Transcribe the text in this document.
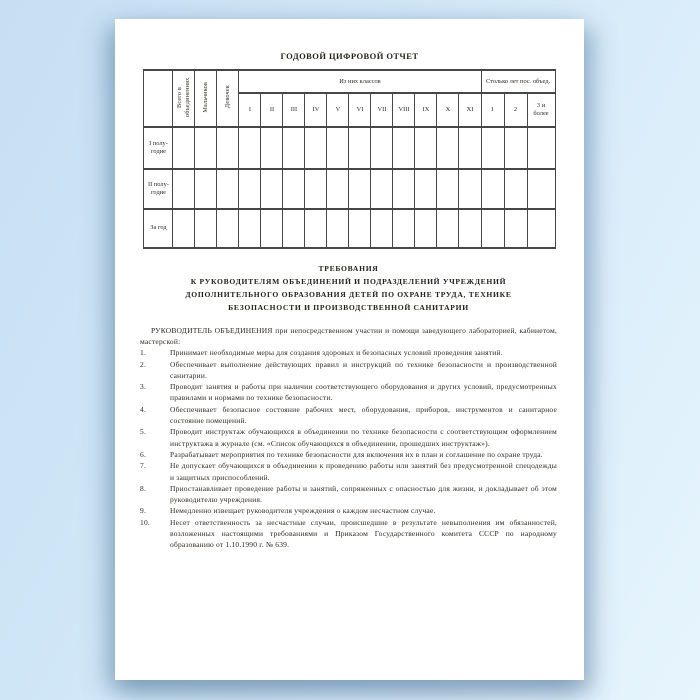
ГОДОВОЙ ЦИФРОВОЙ ОТЧЕТ
	Всего в объединениях	Мальчиков	Девочек	Из них классов											Столько лет пос. объед.		
				I	II	III	IV	V	VI	VII	VIII	IX	X	XI	1	2	3 и более
I полугодие																	
II полугодие																	
За год																	
ТРЕБОВАНИЯ
К РУКОВОДИТЕЛЯМ ОБЪЕДИНЕНИЙ И ПОДРАЗДЕЛЕНИЙ УЧРЕЖДЕНИЙ
ДОПОЛНИТЕЛЬНОГО ОБРАЗОВАНИЯ ДЕТЕЙ ПО ОХРАНЕ ТРУДА, ТЕХНИКЕ
БЕЗОПАСНОСТИ И ПРОИЗВОДСТВЕННОЙ САНИТАРИИ

РУКОВОДИТЕЛЬ ОБЪЕДИНЕНИЯ при непосредственном участии и помощи заведующего лабораторией, кабинетом, мастерской:

1.	Принимает необходимые меры для создания здоровых и безопасных условий проведения занятий.
2.	Обеспечивает выполнение действующих правил и инструкций по технике безопасности и производственной санитарии.
3.	Проводит занятия и работы при наличии соответствующего оборудования и других условий, предусмотренных правилами и нормами по технике безопасности.
4.	Обеспечивает безопасное состояние рабочих мест, оборудования, приборов, инструментов и санитарное состояние помещений.
5.	Проводит инструктаж обучающихся в объединении по технике безопасности с соответствующим оформлением инструктажа в журнале (см. «Список обучающихся в объединении, прошедших инструктаж»).
6.	Разрабатывает мероприятия по технике безопасности для включения их в план и соглашение по охране труда.
7.	Не допускает обучающихся в объединении к проведению работы или занятий без предусмотренной спецодежды и защитных приспособлений.
8.	Приостанавливает проведение работы и занятий, сопряженных с опасностью для жизни, и докладывает об этом руководителю учреждения.
9.	Немедленно извещает руководителя учреждения о каждом несчастном случае.
10.	Несет ответственность за несчастные случаи, происшедшие в результате невыполнения им обязанностей, возложенных настоящими требованиями и Приказом Государственного комитета СССР по народному образованию от 1.10.1990 г. № 639.
